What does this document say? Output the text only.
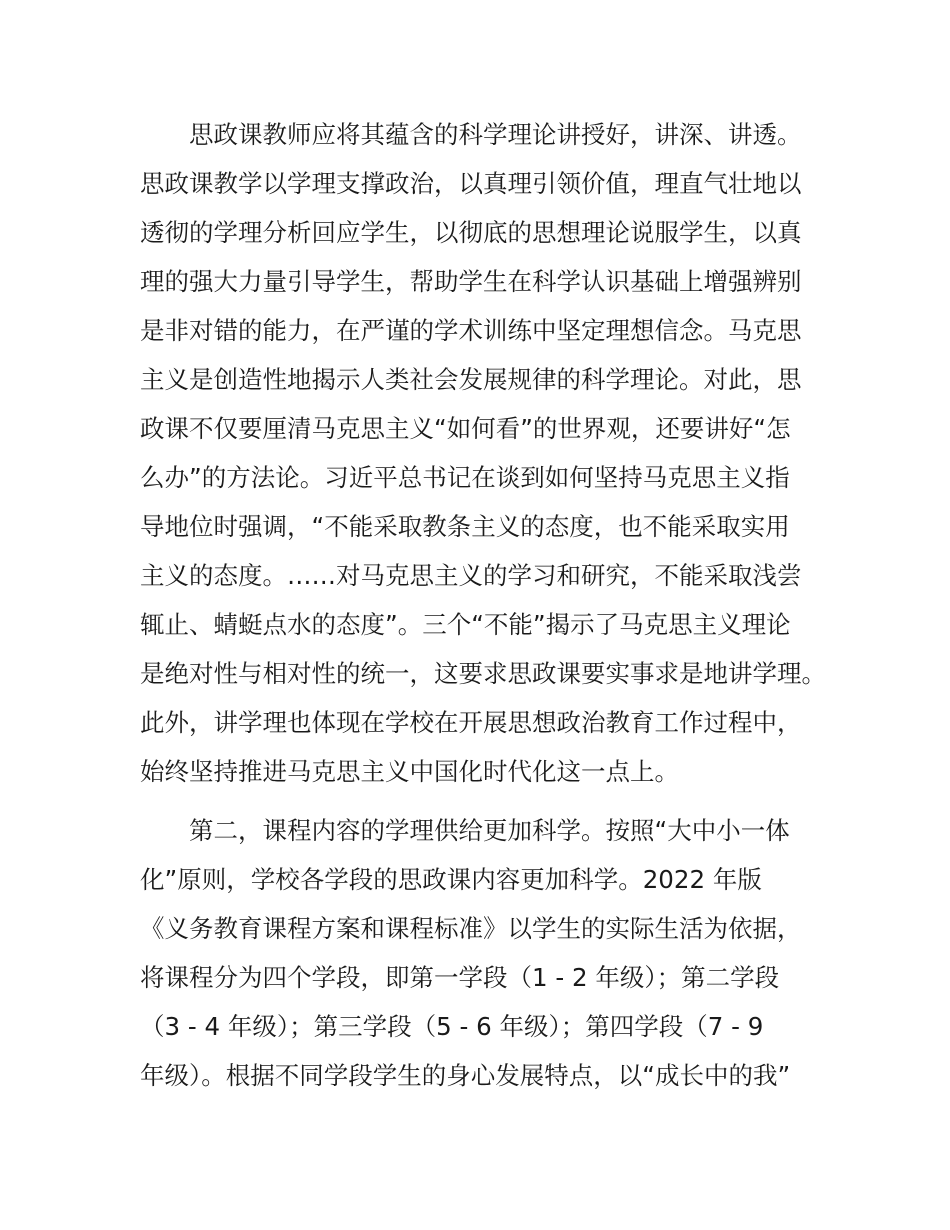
思政课教师应将其蕴含的科学理论讲授好，讲深、讲透。
思政课教学以学理支撑政治，以真理引领价值，理直气壮地以
透彻的学理分析回应学生，以彻底的思想理论说服学生，以真
理的强大力量引导学生，帮助学生在科学认识基础上增强辨别
是非对错的能力，在严谨的学术训练中坚定理想信念。马克思
主义是创造性地揭示人类社会发展规律的科学理论。对此，思
政课不仅要厘清马克思主义“如何看”的世界观，还要讲好“怎
么办”的方法论。习近平总书记在谈到如何坚持马克思主义指
导地位时强调，“不能采取教条主义的态度，也不能采取实用
主义的态度。……对马克思主义的学习和研究，不能采取浅尝
辄止、蜻蜓点水的态度”。三个“不能”揭示了马克思主义理论
是绝对性与相对性的统一，这要求思政课要实事求是地讲学理。
此外，讲学理也体现在学校在开展思想政治教育工作过程中，
始终坚持推进马克思主义中国化时代化这一点上。
第二，课程内容的学理供给更加科学。按照“大中小一体
化”原则，学校各学段的思政课内容更加科学。2022 年版
《义务教育课程方案和课程标准》以学生的实际生活为依据，
将课程分为四个学段，即第一学段（1 - 2 年级）；第二学段
（3 - 4 年级）；第三学段（5 - 6 年级）；第四学段（7 - 9
年级）。根据不同学段学生的身心发展特点，以“成长中的我”
